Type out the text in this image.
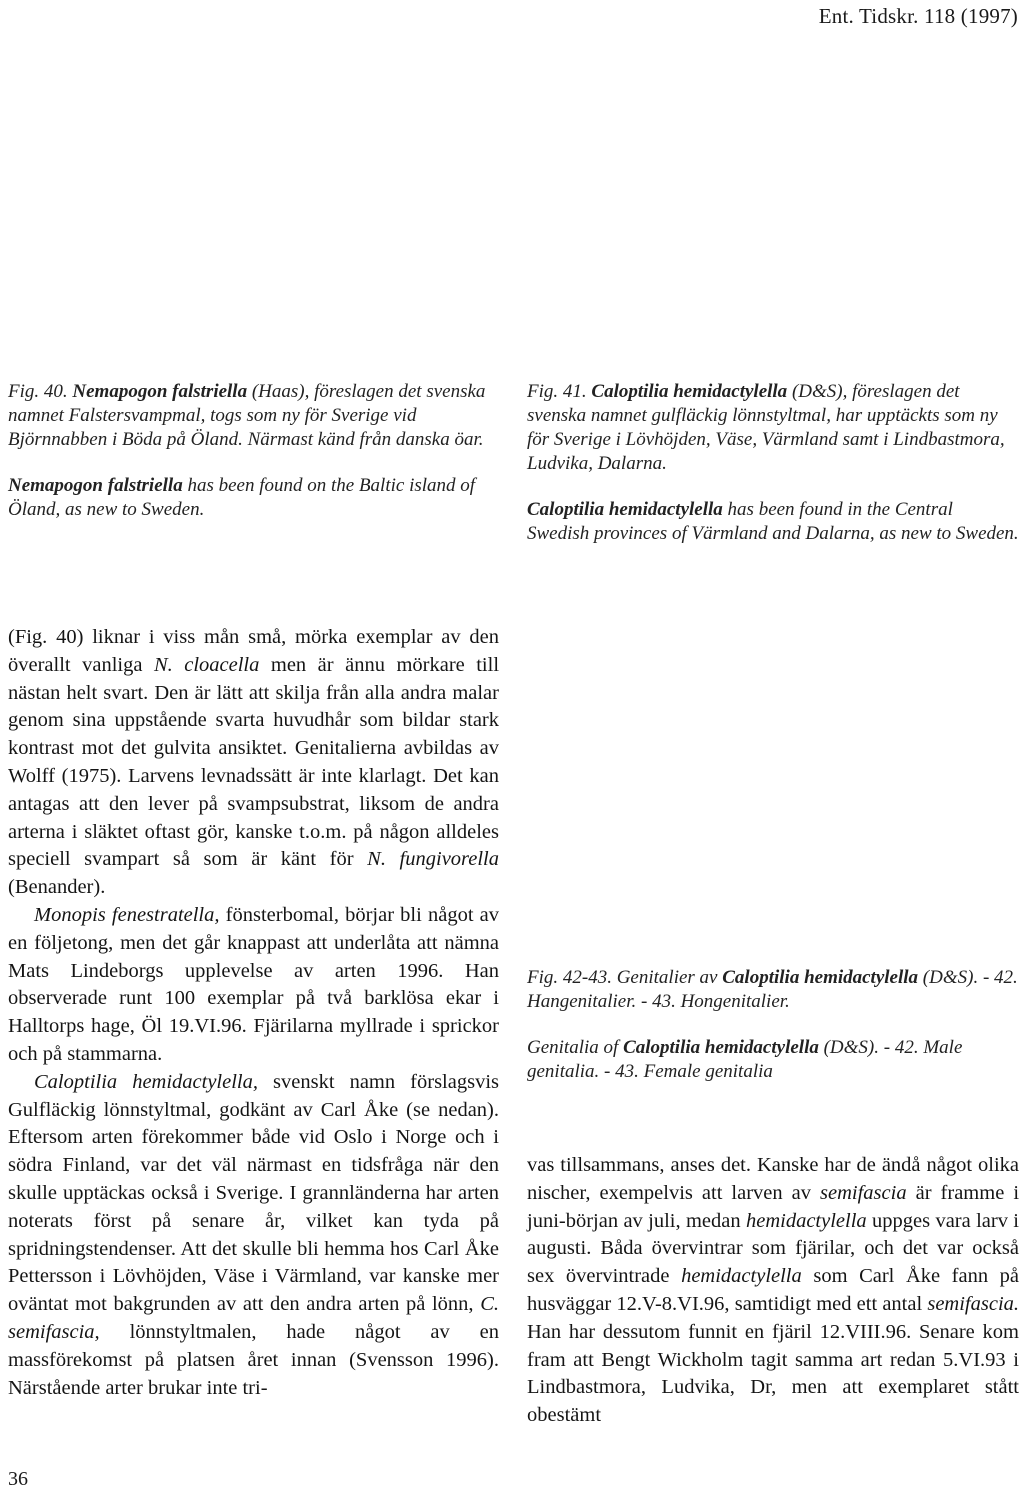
Ent. Tidskr. 118 (1997)

Fig. 40. Nemapogon falstriella (Haas), föreslagen det svenska namnet Falstersvampmal, togs som ny för Sverige vid Björnnabben i Böda på Öland. Närmast känd från danska öar.

Nemapogon falstriella has been found on the Baltic island of Öland, as new to Sweden.

Fig. 41. Caloptilia hemidactylella (D&S), föreslagen det svenska namnet gulfläckig lönnstyltmal, har upptäckts som ny för Sverige i Lövhöjden, Väse, Värmland samt i Lindbastmora, Ludvika, Dalarna.

Caloptilia hemidactylella has been found in the Central Swedish provinces of Värmland and Dalarna, as new to Sweden.

(Fig. 40) liknar i viss mån små, mörka exemplar av den överallt vanliga N. cloacella men är ännu mörkare till nästan helt svart. Den är lätt att skilja från alla andra malar genom sina uppstående svarta huvudhår som bildar stark kontrast mot det gulvita ansiktet. Genitalierna avbildas av Wolff (1975). Larvens levnadssätt är inte klarlagt. Det kan antagas att den lever på svampsubstrat, liksom de andra arterna i släktet oftast gör, kanske t.o.m. på någon alldeles speciell svampart så som är känt för N. fungivorella (Benander).

Monopis fenestratella, fönsterbomal, börjar bli något av en följetong, men det går knappast att underlåta att nämna Mats Lindeborgs upplevelse av arten 1996. Han observerade runt 100 exemplar på två barklösa ekar i Halltorps hage, Öl 19.VI.96. Fjärilarna myllrade i sprickor och på stammarna.

Caloptilia hemidactylella, svenskt namn förslagsvis Gulfläckig lönnstyltmal, godkänt av Carl Åke (se nedan). Eftersom arten förekommer både vid Oslo i Norge och i södra Finland, var det väl närmast en tidsfråga när den skulle upptäckas också i Sverige. I grannländerna har arten noterats först på senare år, vilket kan tyda på spridningstendenser. Att det skulle bli hemma hos Carl Åke Pettersson i Lövhöjden, Väse i Värmland, var kanske mer oväntat mot bakgrunden av att den andra arten på lönn, C. semifascia, lönnstyltmalen, hade något av en massförekomst på platsen året innan (Svensson 1996). Närstående arter brukar inte tri-

Fig. 42-43. Genitalier av Caloptilia hemidactylella (D&S). - 42. Hangenitalier. - 43. Hongenitalier.

Genitalia of Caloptilia hemidactylella (D&S). - 42. Male genitalia. - 43. Female genitalia

vas tillsammans, anses det. Kanske har de ändå något olika nischer, exempelvis att larven av semifascia är framme i juni-början av juli, medan hemidactylella uppges vara larv i augusti. Båda övervintrar som fjärilar, och det var också sex övervintrade hemidactylella som Carl Åke fann på husväggar 12.V-8.VI.96, samtidigt med ett antal semifascia. Han har dessutom funnit en fjäril 12.VIII.96. Senare kom fram att Bengt Wickholm tagit samma art redan 5.VI.93 i Lindbastmora, Ludvika, Dr, men att exemplaret stått obestämt

36
